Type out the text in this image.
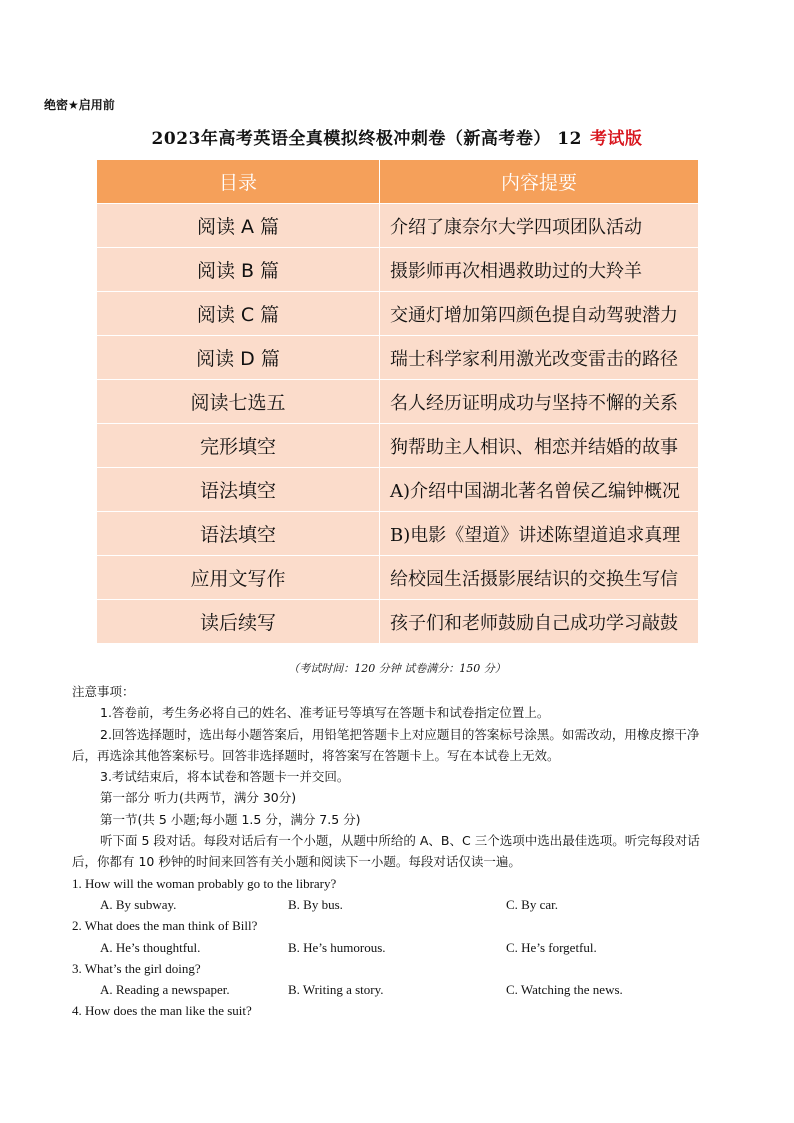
绝密★启用前
2023年高考英语全真模拟终极冲刺卷（新高考卷） 12 考试版
目录	内容提要
阅读 A 篇	介绍了康奈尔大学四项团队活动
阅读 B 篇	摄影师再次相遇救助过的大羚羊
阅读 C 篇	交通灯增加第四颜色提自动驾驶潜力
阅读 D 篇	瑞士科学家利用激光改变雷击的路径
阅读七选五	名人经历证明成功与坚持不懈的关系
完形填空	狗帮助主人相识、相恋并结婚的故事
语法填空	A)介绍中国湖北著名曾侯乙编钟概况
语法填空	B)电影《望道》讲述陈望道追求真理
应用文写作	给校园生活摄影展结识的交换生写信
读后续写	孩子们和老师鼓励自己成功学习敲鼓
（考试时间：120 分钟 试卷满分：150 分）

注意事项：

1.答卷前，考生务必将自己的姓名、准考证号等填写在答题卡和试卷指定位置上。

2.回答选择题时，选出每小题答案后，用铅笔把答题卡上对应题目的答案标号涂黑。如需改动，用橡皮擦干净后，再选涂其他答案标号。回答非选择题时，将答案写在答题卡上。写在本试卷上无效。

3.考试结束后，将本试卷和答题卡一并交回。

第一部分 听力(共两节，满分 30分)

第一节(共 5 小题;每小题 1.5 分，满分 7.5 分)

听下面 5 段对话。每段对话后有一个小题，从题中所给的 A、B、C 三个选项中选出最佳选项。听完每段对话后，你都有 10 秒钟的时间来回答有关小题和阅读下一小题。每段对话仅读一遍。

1. How will the woman probably go to the library?

A. By subway.	B. By bus.	C. By car.

2. What does the man think of Bill?

A. He’s thoughtful.	B. He’s humorous.	C. He’s forgetful.

3. What’s the girl doing?

A. Reading a newspaper.	B. Writing a story.	C. Watching the news.

4. How does the man like the suit?
